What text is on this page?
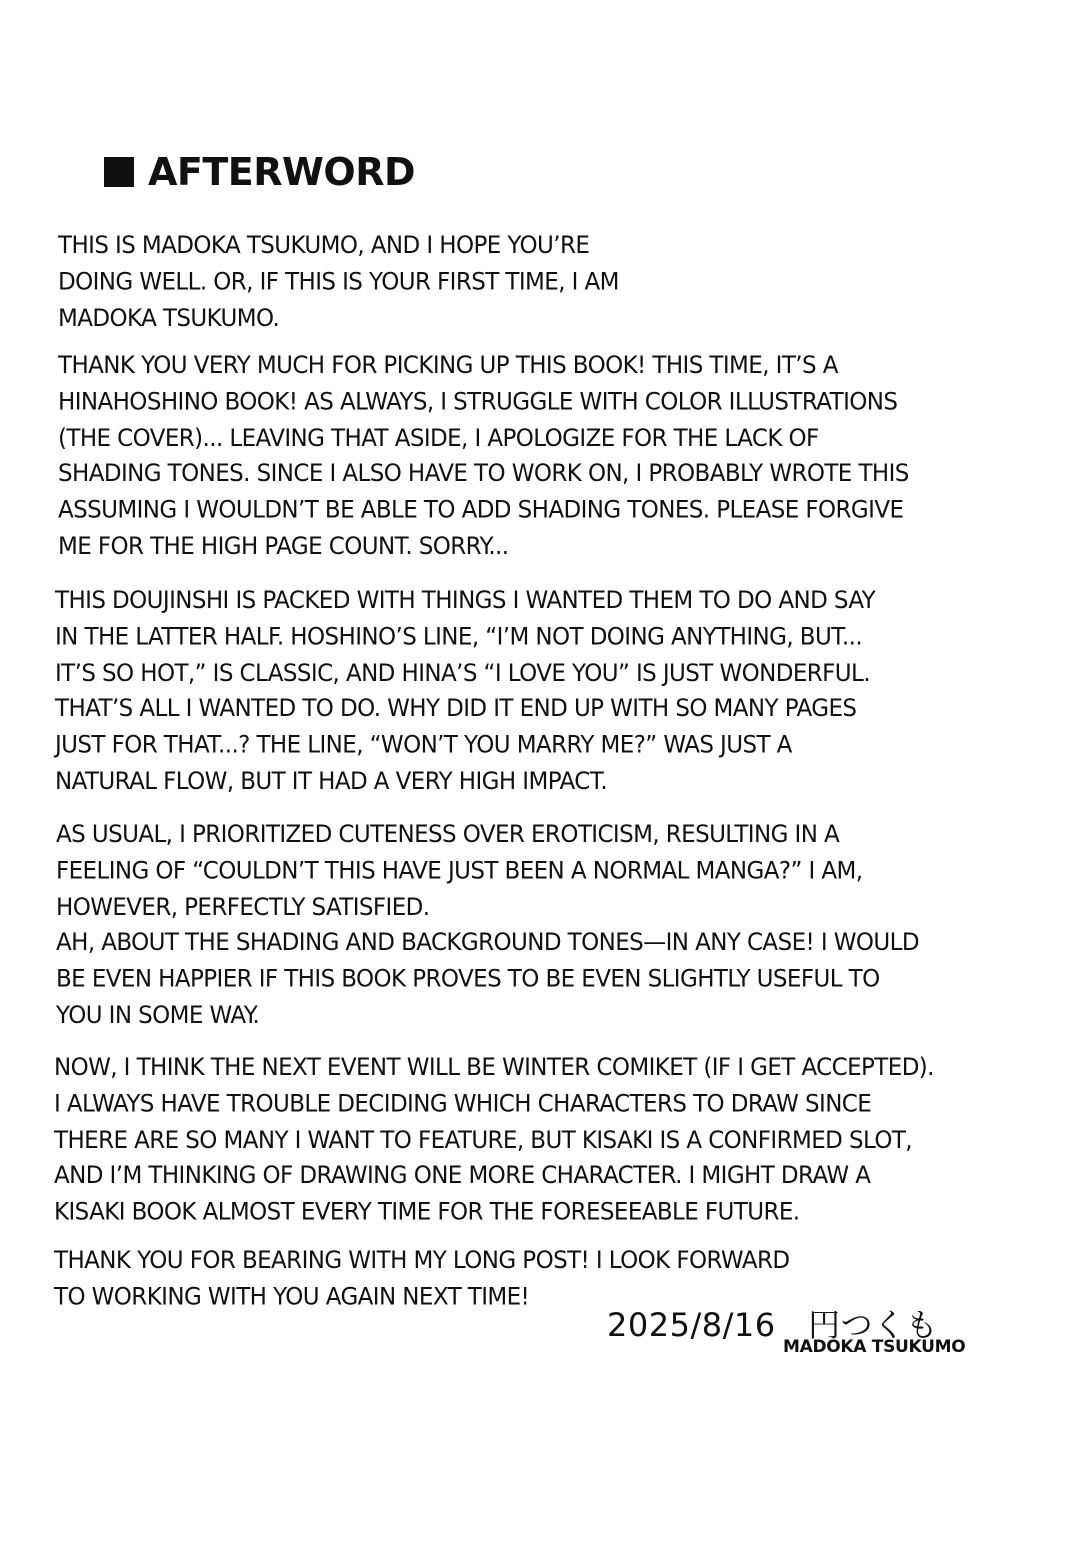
AFTERWORD
THIS IS MADOKA TSUKUMO, AND I HOPE YOU’RE
DOING WELL. OR, IF THIS IS YOUR FIRST TIME, I AM
MADOKA TSUKUMO.
THANK YOU VERY MUCH FOR PICKING UP THIS BOOK! THIS TIME, IT’S A
HINAHOSHINO BOOK! AS ALWAYS, I STRUGGLE WITH COLOR ILLUSTRATIONS
(THE COVER)... LEAVING THAT ASIDE, I APOLOGIZE FOR THE LACK OF
SHADING TONES. SINCE I ALSO HAVE TO WORK ON, I PROBABLY WROTE THIS
ASSUMING I WOULDN’T BE ABLE TO ADD SHADING TONES. PLEASE FORGIVE
ME FOR THE HIGH PAGE COUNT. SORRY...
THIS DOUJINSHI IS PACKED WITH THINGS I WANTED THEM TO DO AND SAY
IN THE LATTER HALF. HOSHINO’S LINE, “I’M NOT DOING ANYTHING, BUT...
IT’S SO HOT,” IS CLASSIC, AND HINA’S “I LOVE YOU” IS JUST WONDERFUL.
THAT’S ALL I WANTED TO DO. WHY DID IT END UP WITH SO MANY PAGES
JUST FOR THAT...? THE LINE, “WON’T YOU MARRY ME?” WAS JUST A
NATURAL FLOW, BUT IT HAD A VERY HIGH IMPACT.
AS USUAL, I PRIORITIZED CUTENESS OVER EROTICISM, RESULTING IN A
FEELING OF “COULDN’T THIS HAVE JUST BEEN A NORMAL MANGA?” I AM,
HOWEVER, PERFECTLY SATISFIED.
AH, ABOUT THE SHADING AND BACKGROUND TONES—IN ANY CASE! I WOULD
BE EVEN HAPPIER IF THIS BOOK PROVES TO BE EVEN SLIGHTLY USEFUL TO
YOU IN SOME WAY.
NOW, I THINK THE NEXT EVENT WILL BE WINTER COMIKET (IF I GET ACCEPTED).
I ALWAYS HAVE TROUBLE DECIDING WHICH CHARACTERS TO DRAW SINCE
THERE ARE SO MANY I WANT TO FEATURE, BUT KISAKI IS A CONFIRMED SLOT,
AND I’M THINKING OF DRAWING ONE MORE CHARACTER. I MIGHT DRAW A
KISAKI BOOK ALMOST EVERY TIME FOR THE FORESEEABLE FUTURE.
THANK YOU FOR BEARING WITH MY LONG POST! I LOOK FORWARD
TO WORKING WITH YOU AGAIN NEXT TIME!
2025/8/16　円つくも
MADOKA TSUKUMO
